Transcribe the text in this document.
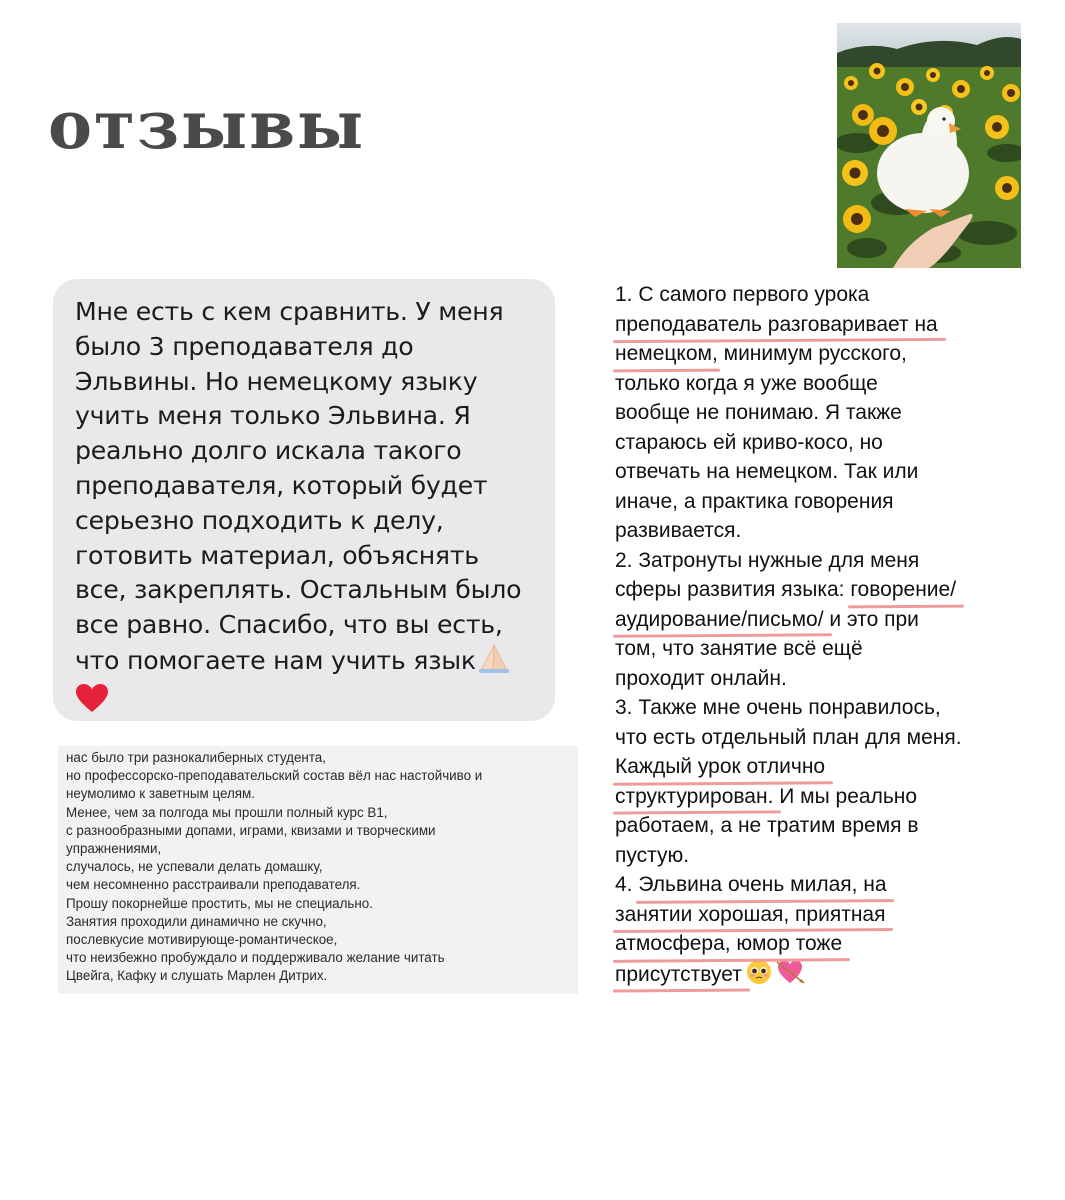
отзывы
Мне есть с кем сравнить. У меня
было 3 преподавателя до
Эльвины. Но немецкому языку
учить меня только Эльвина. Я
реально долго искала такого
преподавателя, который будет
серьезно подходить к делу,
готовить материал, объяснять
все, закреплять. Остальным было
все равно. Спасибо, что вы есть,
что помогаете нам учить язык
нас было три разнокалиберных студента,
но профессорско-преподавательский состав вёл нас настойчиво и
неумолимо к заветным целям.
Менее, чем за полгода мы прошли полный курс В1,
с разнообразными допами, играми, квизами и творческими
упражнениями,
случалось, не успевали делать домашку,
чем несомненно расстраивали преподавателя.
Прошу покорнейше простить, мы не специально.
Занятия проходили динамично не скучно,
послевкусие мотивирующе-романтическое,
что неизбежно пробуждало и поддерживало желание читать
Цвейга, Кафку и слушать Марлен Дитрих.
1. С самого первого урока
преподаватель разговаривает на
немецком, минимум русского,
только когда я уже вообще
вообще не понимаю. Я также
стараюсь ей криво-косо, но
отвечать на немецком. Так или
иначе, а практика говорения
развивается.
2. Затронуты нужные для меня
сферы развития языка: говорение/
аудирование/письмо/ и это при
том, что занятие всё ещё
проходит онлайн.
3. Также мне очень понравилось,
что есть отдельный план для меня.
Каждый урок отлично
структурирован. И мы реально
работаем, а не тратим время в
пустую.
4. Эльвина очень милая, на
занятии хорошая, приятная
атмосфера, юмор тоже
присутствует
